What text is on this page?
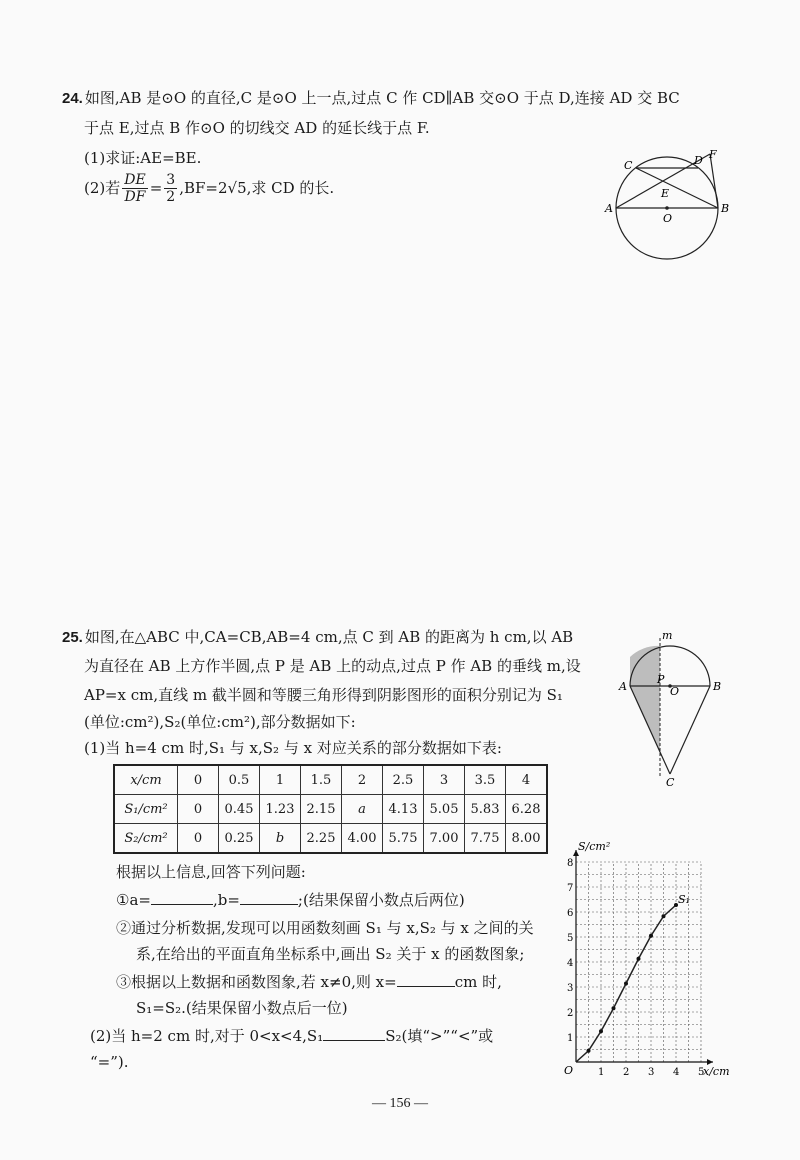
24. 如图,AB 是⊙O 的直径,C 是⊙O 上一点,过点 C 作 CD∥AB 交⊙O 于点 D,连接 AD 交 BC
于点 E,过点 B 作⊙O 的切线交 AD 的延长线于点 F.
(1)求证:AE=BE.
(2)若 $\frac{DE}{DF} = \frac{3}{2} ,BF=2√5$,求 CD 的长.
C	D F
E
A
O
B
25. 如图,在△ABC 中,CA=CB,AB=4 cm,点 C 到 AB 的距离为 h cm,以 AB
为直径在 AB 上方作半圆,点 P 是 AB 上的动点,过点 P 作 AB 的垂线 m,设
AP=x cm,直线 m 截半圆和等腰三角形得到阴影图形的面积分别记为 S₁
(单位:cm²),S₂(单位:cm²),部分数据如下:
(1)当 h=4 cm 时,S₁ 与 x,S₂ 与 x 对应关系的部分数据如下表:
m
A
P
O	B
C
x/cm	0	0.5	1	1.5	2	2.5	3	3.5	4
S₁/cm²	0	0.45	1.23	2.15	a	4.13	5.05	5.83	6.28
S₂/cm²	0	0.25	b	2.25	4.00	5.75	7.00	7.75	8.00
根据以上信息,回答下列问题:
①a=	,b=	;(结果保留小数点后两位)
②通过分析数据,发现可以用函数刻画 S₁ 与 x,S₂ 与 x 之间的关
系,在给出的平面直角坐标系中,画出 S₂ 关于 x 的函数图象;
③根据以上数据和函数图象,若 x≠0,则 x=	cm 时,
S₁=S₂.(结果保留小数点后一位)
(2)当 h=2 cm 时,对于 0<x<4,S₁	S₂(填“>”“<”或
“=”).
1 2 3 4 5
1
2
3
4
5
6
7
8
S/cm²
x/cm
O
S₁
— 156 —
